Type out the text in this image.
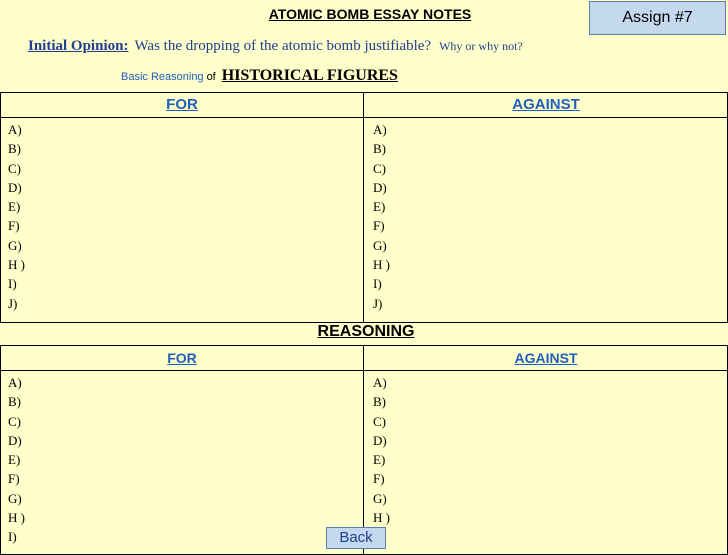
ATOMIC BOMB ESSAY NOTES	Assign #7
Initial Opinion: Was the dropping of the atomic bomb justifiable? Why or why not?
Basic Reasoning of HISTORICAL FIGURES
FOR	AGAINST
A)
B)
C)
D)
E)
F)
G)
H )
I)
J)
A)
B)
C)
D)
E)
F)
G)
H )
I)
J)
REASONING
FOR	AGAINST
A)
B)
C)
D)
E)
F)
G)
H )
I)
A)
B)
C)
D)
E)
F)
G)
H )
Back
